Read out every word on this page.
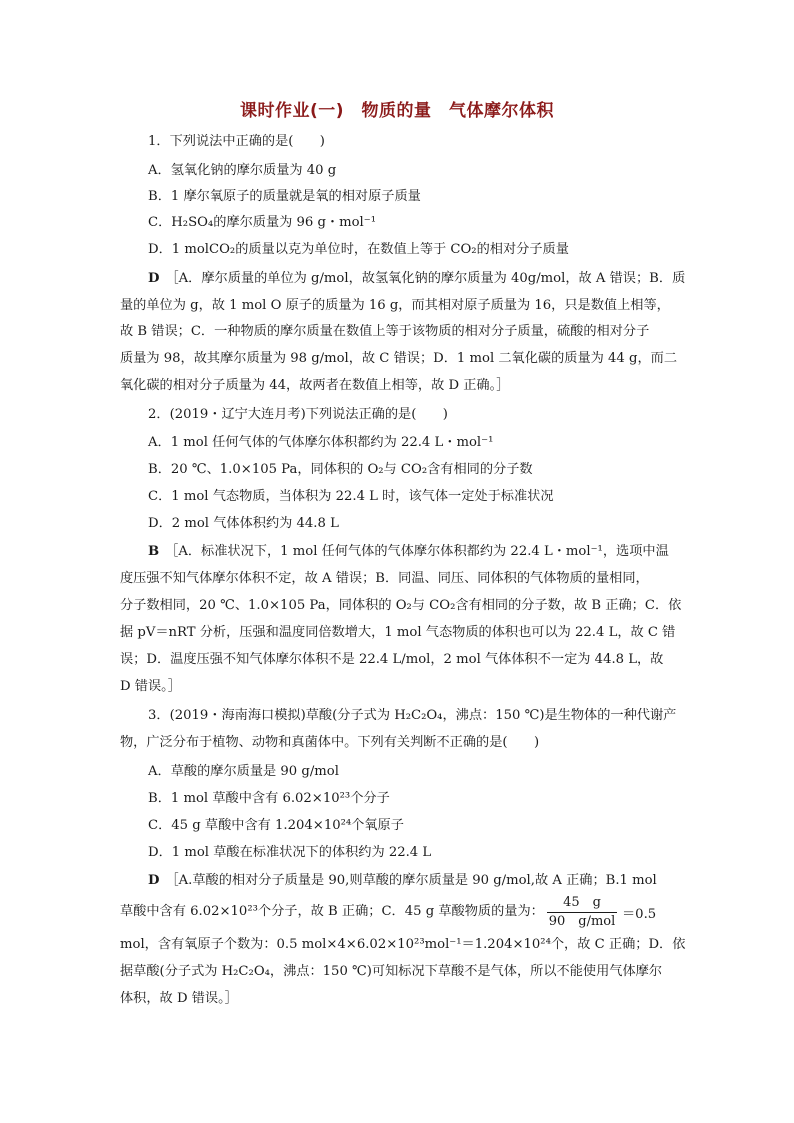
课时作业(一)　物质的量　气体摩尔体积
1．下列说法中正确的是(　　)
A．氢氧化钠的摩尔质量为 40 g
B．1 摩尔氧原子的质量就是氧的相对原子质量
C．H₂SO₄的摩尔质量为 96 g・mol⁻¹
D．1 molCO₂的质量以克为单位时，在数值上等于 CO₂的相对分子质量
D ［A．摩尔质量的单位为 g/mol，故氢氧化钠的摩尔质量为 40g/mol，故 A 错误；B．质
量的单位为 g，故 1 mol O 原子的质量为 16 g，而其相对原子质量为 16，只是数值上相等，
故 B 错误；C．一种物质的摩尔质量在数值上等于该物质的相对分子质量，硫酸的相对分子
质量为 98，故其摩尔质量为 98 g/mol，故 C 错误；D．1 mol 二氧化碳的质量为 44 g，而二
氧化碳的相对分子质量为 44，故两者在数值上相等，故 D 正确。］
2．(2019・辽宁大连月考)下列说法正确的是(　　)
A．1 mol 任何气体的气体摩尔体积都约为 22.4 L・mol⁻¹
B．20 ℃、1.0×105 Pa，同体积的 O₂与 CO₂含有相同的分子数
C．1 mol 气态物质，当体积为 22.4 L 时，该气体一定处于标准状况
D．2 mol 气体体积约为 44.8 L
B ［A．标准状况下，1 mol 任何气体的气体摩尔体积都约为 22.4 L・mol⁻¹，选项中温
度压强不知气体摩尔体积不定，故 A 错误；B．同温、同压、同体积的气体物质的量相同，
分子数相同，20 ℃、1.0×105 Pa，同体积的 O₂与 CO₂含有相同的分子数，故 B 正确；C．依
据 pV＝nRT 分析，压强和温度同倍数增大，1 mol 气态物质的体积也可以为 22.4 L，故 C 错
误；D．温度压强不知气体摩尔体积不是 22.4 L/mol，2 mol 气体体积不一定为 44.8 L，故
D 错误。］
3．(2019・海南海口模拟)草酸(分子式为 H₂C₂O₄，沸点：150 ℃)是生物体的一种代谢产
物，广泛分布于植物、动物和真菌体中。下列有关判断不正确的是(　　)
A．草酸的摩尔质量是 90 g/mol
B．1 mol 草酸中含有 6.02×10²³个分子
C．45 g 草酸中含有 1.204×10²⁴个氧原子
D．1 mol 草酸在标准状况下的体积约为 22.4 L
D ［A.草酸的相对分子质量是 90,则草酸的摩尔质量是 90 g/mol,故 A 正确；B.1 mol
草酸中含有 6.02×10²³个分子，故 B 正确；C．45 g 草酸物质的量为：
45　g
90　g/mol ＝0.5
mol，含有氧原子个数为：0.5 mol×4×6.02×10²³mol⁻¹＝1.204×10²⁴个，故 C 正确；D．依
据草酸(分子式为 H₂C₂O₄，沸点：150 ℃)可知标况下草酸不是气体，所以不能使用气体摩尔
体积，故 D 错误。］
